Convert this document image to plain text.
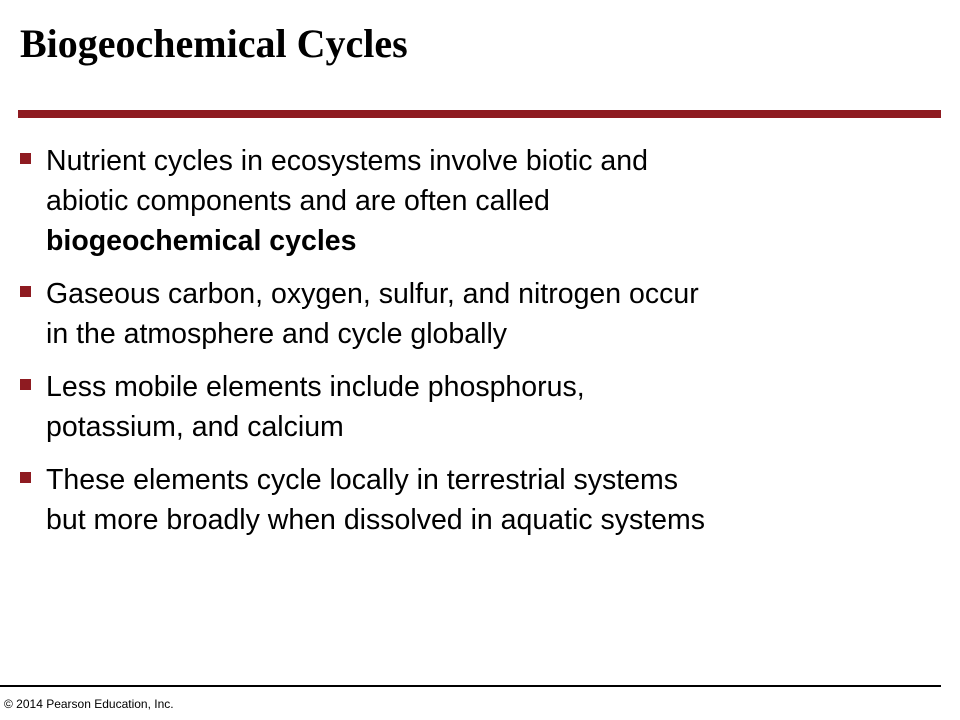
Biogeochemical Cycles
Nutrient cycles in ecosystems involve biotic and
abiotic components and are often called
biogeochemical cycles
Gaseous carbon, oxygen, sulfur, and nitrogen occur
in the atmosphere and cycle globally
Less mobile elements include phosphorus,
potassium, and calcium
These elements cycle locally in terrestrial systems
but more broadly when dissolved in aquatic systems
© 2014 Pearson Education, Inc.
